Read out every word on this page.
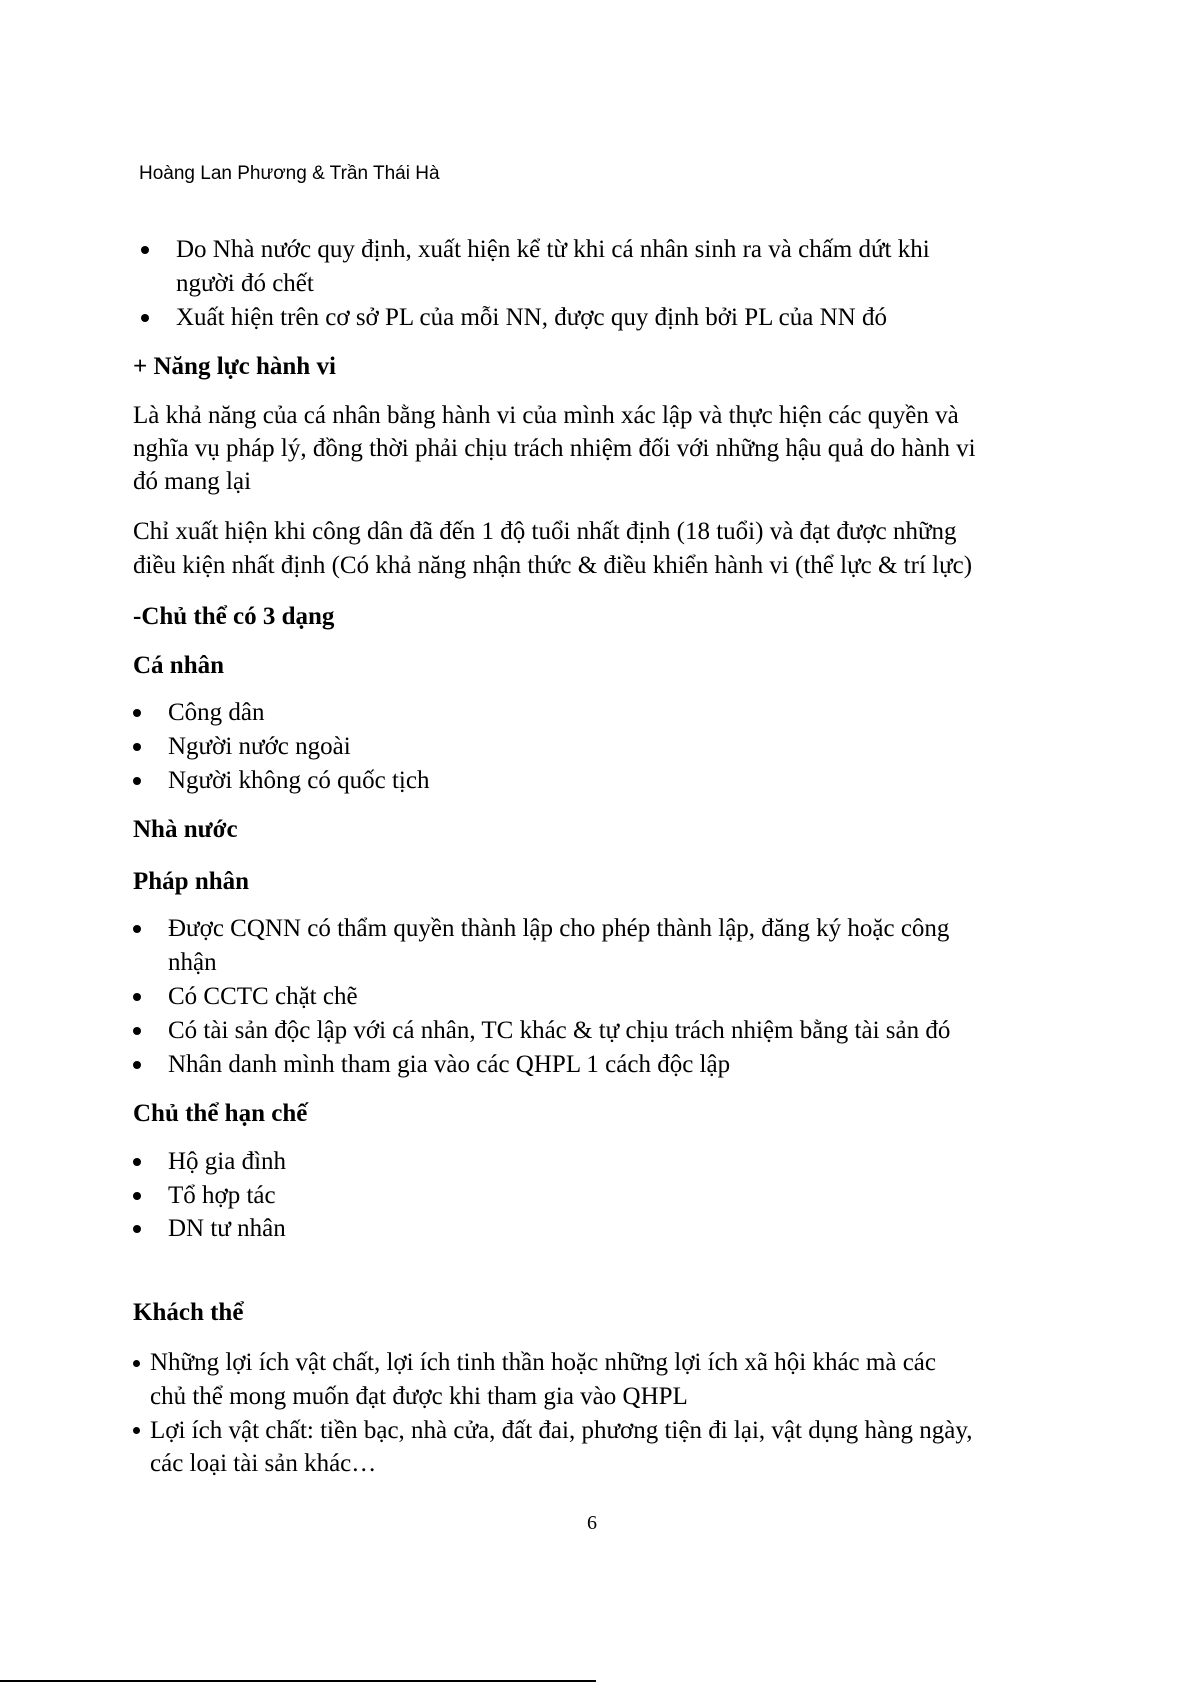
Hoàng Lan Phương & Trần Thái Hà
Do Nhà nước quy định, xuất hiện kể từ khi cá nhân sinh ra và chấm dứt khi
người đó chết
Xuất hiện trên cơ sở PL của mỗi NN, được quy định bởi PL của NN đó
+ Năng lực hành vi
Là khả năng của cá nhân bằng hành vi của mình xác lập và thực hiện các quyền và
nghĩa vụ pháp lý, đồng thời phải chịu trách nhiệm đối với những hậu quả do hành vi
đó mang lại
Chỉ xuất hiện khi công dân đã đến 1 độ tuổi nhất định (18 tuổi) và đạt được những
điều kiện nhất định (Có khả năng nhận thức & điều khiển hành vi (thể lực & trí lực)
-Chủ thể có 3 dạng
Cá nhân
Công dân
Người nước ngoài
Người không có quốc tịch
Nhà nước
Pháp nhân
Được CQNN có thẩm quyền thành lập cho phép thành lập, đăng ký hoặc công
nhận
Có CCTC chặt chẽ
Có tài sản độc lập với cá nhân, TC khác & tự chịu trách nhiệm bằng tài sản đó
Nhân danh mình tham gia vào các QHPL 1 cách độc lập
Chủ thể hạn chế
Hộ gia đình
Tổ hợp tác
DN tư nhân
Khách thể
Những lợi ích vật chất, lợi ích tinh thần hoặc những lợi ích xã hội khác mà các
chủ thể mong muốn đạt được khi tham gia vào QHPL
Lợi ích vật chất: tiền bạc, nhà cửa, đất đai, phương tiện đi lại, vật dụng hàng ngày,
các loại tài sản khác…
6
